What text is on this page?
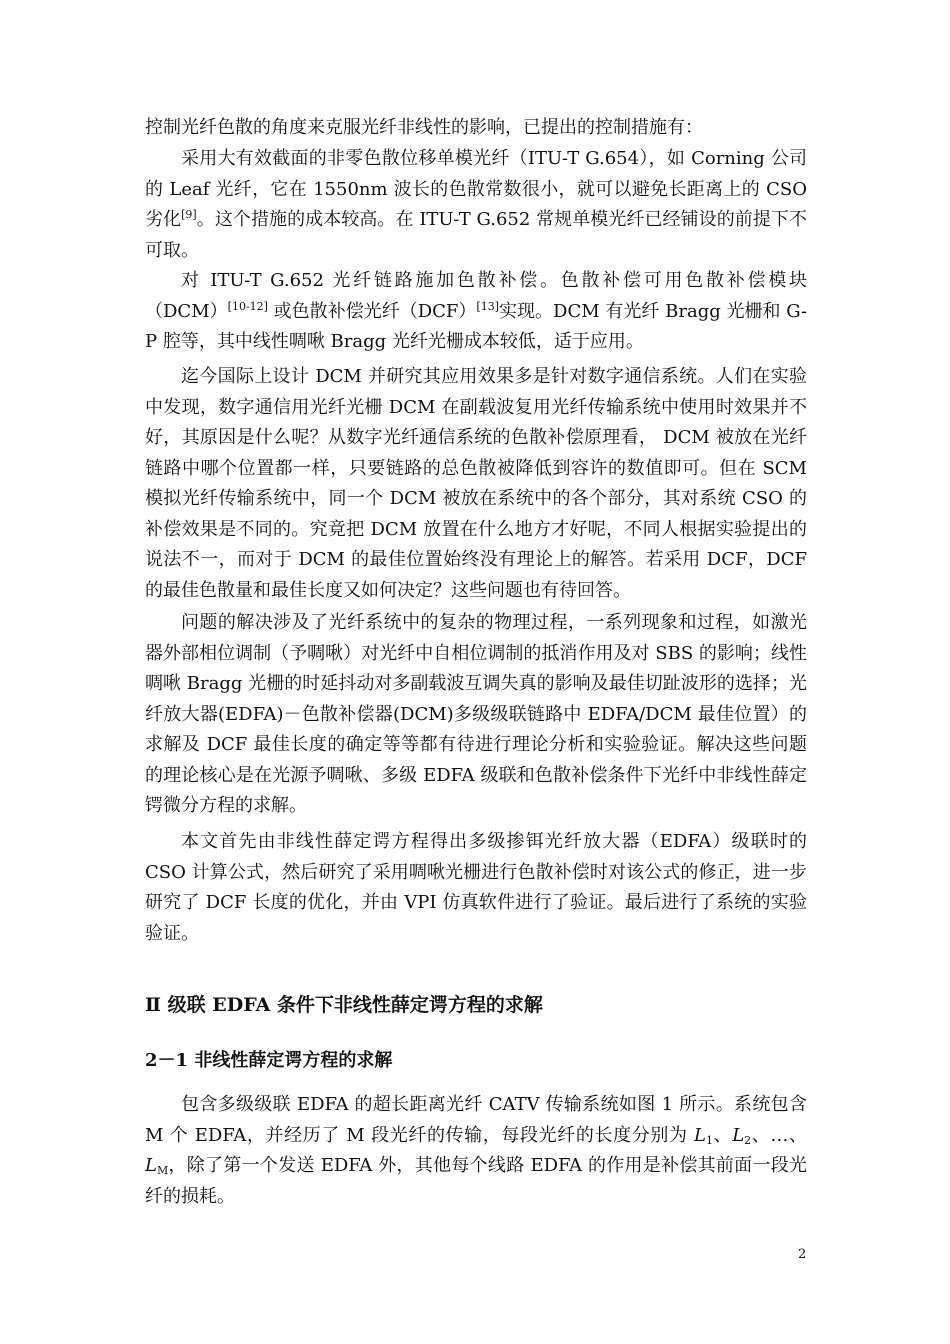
控制光纤色散的角度来克服光纤非线性的影响，已提出的控制措施有：

采用大有效截面的非零色散位移单模光纤（ITU-T G.654），如 Corning 公司的 Leaf 光纤，它在 1550nm 波长的色散常数很小，就可以避免长距离上的 CSO 劣化[9]。这个措施的成本较高。在 ITU-T G.652 常规单模光纤已经铺设的前提下不可取。

对 ITU-T G.652 光纤链路施加色散补偿。色散补偿可用色散补偿模块（DCM）[10-12] 或色散补偿光纤（DCF）[13]实现。DCM 有光纤 Bragg 光栅和 G-P 腔等，其中线性啁啾 Bragg 光纤光栅成本较低，适于应用。

迄今国际上设计 DCM 并研究其应用效果多是针对数字通信系统。人们在实验中发现，数字通信用光纤光栅 DCM 在副载波复用光纤传输系统中使用时效果并不好，其原因是什么呢？从数字光纤通信系统的色散补偿原理看， DCM 被放在光纤链路中哪个位置都一样，只要链路的总色散被降低到容许的数值即可。但在 SCM 模拟光纤传输系统中，同一个 DCM 被放在系统中的各个部分，其对系统 CSO 的补偿效果是不同的。究竟把 DCM 放置在什么地方才好呢，不同人根据实验提出的说法不一，而对于 DCM 的最佳位置始终没有理论上的解答。若采用 DCF，DCF 的最佳色散量和最佳长度又如何决定？这些问题也有待回答。

问题的解决涉及了光纤系统中的复杂的物理过程，一系列现象和过程，如激光器外部相位调制（予啁啾）对光纤中自相位调制的抵消作用及对 SBS 的影响；线性啁啾 Bragg 光栅的时延抖动对多副载波互调失真的影响及最佳切趾波形的选择；光纤放大器(EDFA)－色散补偿器(DCM)多级级联链路中 EDFA/DCM 最佳位置）的求解及 DCF 最佳长度的确定等等都有待进行理论分析和实验验证。解决这些问题的理论核心是在光源予啁啾、多级 EDFA 级联和色散补偿条件下光纤中非线性薛定锷微分方程的求解。

本文首先由非线性薛定谔方程得出多级掺铒光纤放大器（EDFA）级联时的 CSO 计算公式，然后研究了采用啁啾光栅进行色散补偿时对该公式的修正，进一步研究了 DCF 长度的优化，并由 VPI 仿真软件进行了验证。最后进行了系统的实验验证。

Ⅱ 级联 EDFA 条件下非线性薛定谔方程的求解
2－1 非线性薛定谔方程的求解

包含多级级联 EDFA 的超长距离光纤 CATV 传输系统如图 1 所示。系统包含 M 个 EDFA，并经历了 M 段光纤的传输，每段光纤的长度分别为 $L_1$、$L_2$、…、$L_M$，除了第一个发送 EDFA 外，其他每个线路 EDFA 的作用是补偿其前面一段光纤的损耗。

2
